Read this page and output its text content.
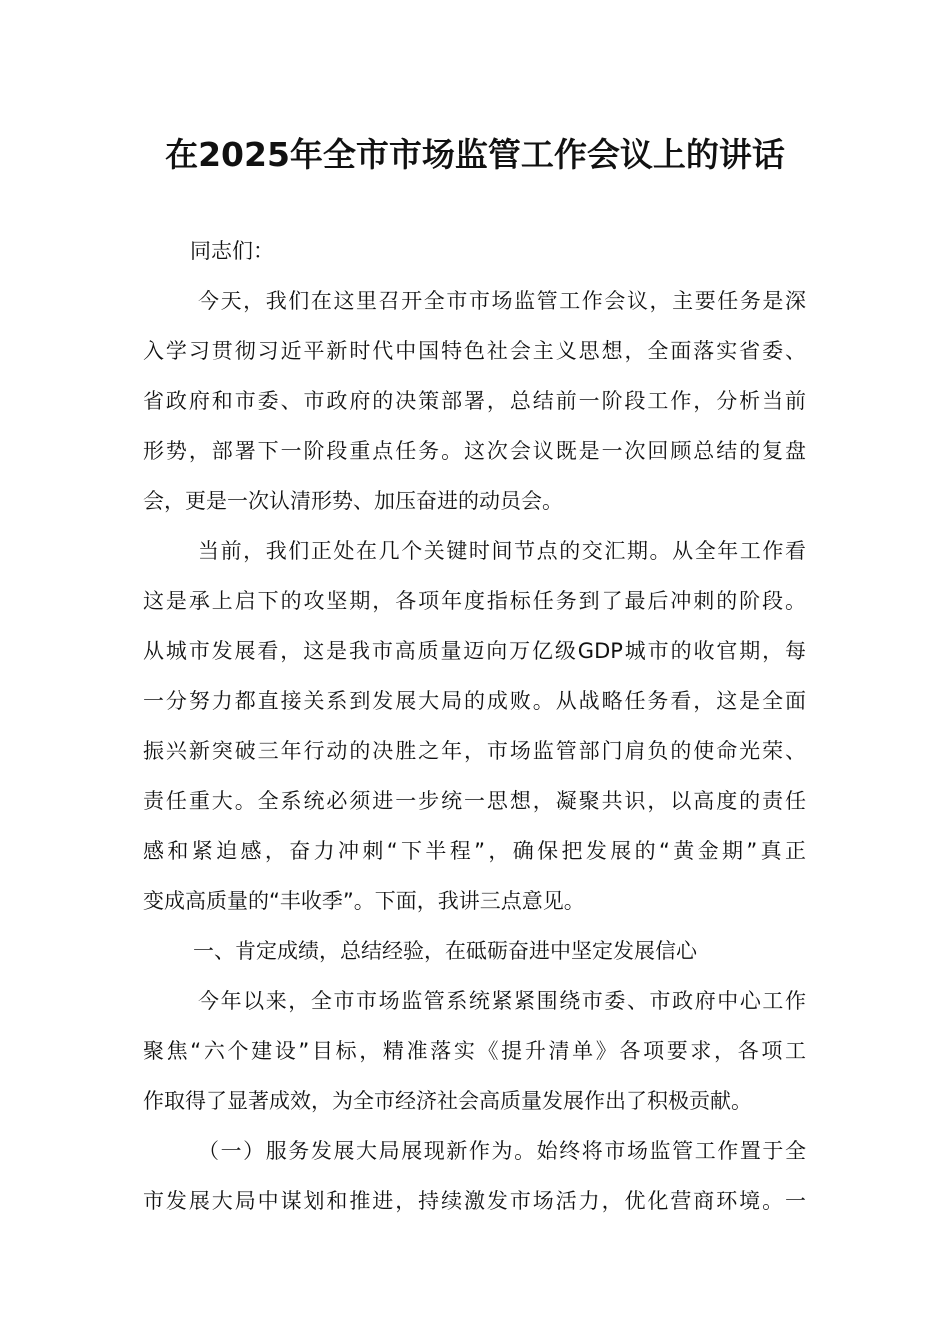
在2025年全市市场监管工作会议上的讲话
同志们：
今天，我们在这里召开全市市场监管工作会议，主要任务是深
入学习贯彻习近平新时代中国特色社会主义思想，全面落实省委、
省政府和市委、市政府的决策部署，总结前一阶段工作，分析当前
形势，部署下一阶段重点任务。这次会议既是一次回顾总结的复盘
会，更是一次认清形势、加压奋进的动员会。
当前，我们正处在几个关键时间节点的交汇期。从全年工作看
这是承上启下的攻坚期，各项年度指标任务到了最后冲刺的阶段。
从城市发展看，这是我市高质量迈向万亿级GDP城市的收官期，每
一分努力都直接关系到发展大局的成败。从战略任务看，这是全面
振兴新突破三年行动的决胜之年，市场监管部门肩负的使命光荣、
责任重大。全系统必须进一步统一思想，凝聚共识，以高度的责任
感和紧迫感，奋力冲刺“下半程”，确保把发展的“黄金期”真正
变成高质量的“丰收季”。下面，我讲三点意见。
一、肯定成绩，总结经验，在砥砺奋进中坚定发展信心
今年以来，全市市场监管系统紧紧围绕市委、市政府中心工作
聚焦“六个建设”目标，精准落实《提升清单》各项要求，各项工
作取得了显著成效，为全市经济社会高质量发展作出了积极贡献。
（一）服务发展大局展现新作为。始终将市场监管工作置于全
市发展大局中谋划和推进，持续激发市场活力，优化营商环境。一
